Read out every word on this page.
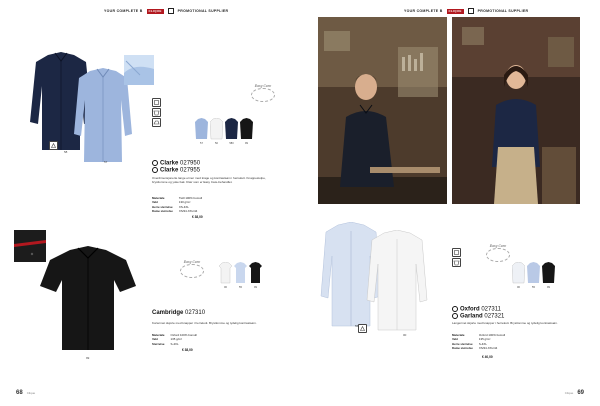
YOUR COMPLETE B	CLIQUE	PROMOTIONAL SUPPLIER
58
57
Easy Care
57	50	580	99
Clarke 027950
Clarke 027955
Overdimensjonerte lange ermer med krage og kontrastsøm i herrekutt. Knappestolpe, brystlomme og yoke bak. Klær som er Easy Care-behandlet.
Materiale	Twill 100% bomull
Vekt	130 g/m²
Herre størrelse	XS-4XL
Dame størrelse	XS/34-XXL/44
€ 38,00
99
Easy Care
00	55	99
Cambridge 027310
Kortermet skjorte med knapper i herrekutt. Brystlomme og tydelig kontrastsøm.
Materiale	Oxford 100% bomull
Vekt	135 g/m²
Størrelse	S-4XL
€ 38,00
68 Clique
YOUR COMPLETE B	CLIQUE	PROMOTIONAL SUPPLIER
55
00
Easy Care
00	55	99
Oxford 027311
Garland 027321
Langermet skjorte med knapper i herrekutt. Brystlomme og tydelig kontrastsøm.
Materiale	Oxford 100% bomull
Vekt	135 g/m²
Herre størrelse	S-4XL
Dame størrelse	XS/34-XXL/44
€ 40,00
Clique 69
